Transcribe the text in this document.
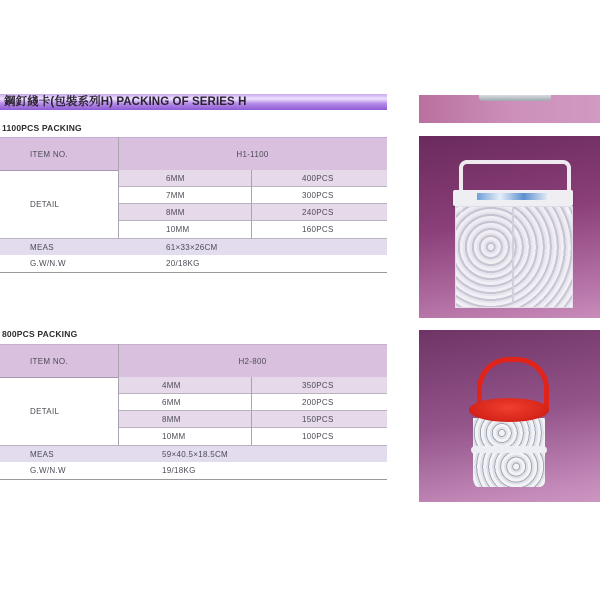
鋼釘綫卡(包裝系列H) PACKING OF SERIES H
1100PCS PACKING
ITEM NO.	H1-1100
6MM	400PCS
7MM	300PCS
8MM	240PCS
10MM	160PCS
DETAIL
MEAS	61×33×26CM
G.W/N.W	20/18KG
800PCS PACKING
ITEM NO.	H2-800
4MM	350PCS
6MM	200PCS
8MM	150PCS
10MM	100PCS
DETAIL
MEAS	59×40.5×18.5CM
G.W/N.W	19/18KG
